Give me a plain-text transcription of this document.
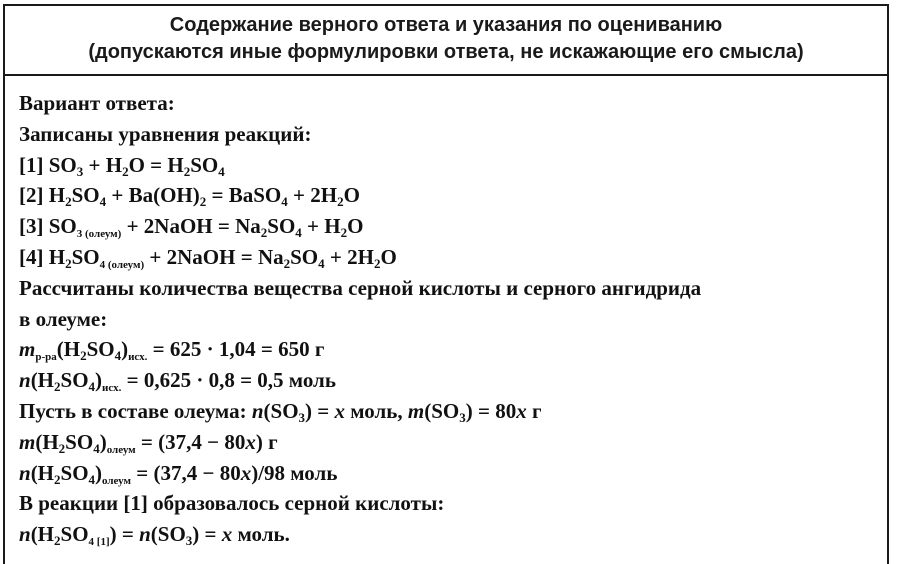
Содержание верного ответа и указания по оцениванию
(допускаются иные формулировки ответа, не искажающие его смысла)
Вариант ответа:
Записаны уравнения реакций:
[1] $SO_3 + H_2O = H_2SO_4$
[2] $H_2SO_4 + Ba(OH)_2$ = BaSO$_4$ + $2H_2O$
[3] $SO_{3 (олеум)}$ + 2NaOH = $Na_2SO_4 + H_2O$
[4] $H_2SO_{4 (олеум)}$ + 2NaOH = $Na_2SO_4 + 2H_2O$
Рассчитаны количества вещества серной кислоты и серного ангидрида
в олеуме:
$m_{р-ра}(H_2SO_4)_{исх.} = 625 \cdot 1,04 = 650$ г
$n(H_2SO_4)_{исх.} = 0,625 \cdot 0,8 = 0,5$ моль
Пусть в составе олеума: $n(SO_3) = x$ моль, $m(SO_3) = 80x$ г
$m(H_2SO_4)_{олеум} = (37,4 - 80x)$ г
$n(H_2SO_4)_{олеум} = (37,4 - 80x)/98$ моль
В реакции [1] образовалось серной кислоты:
$n(H_2SO_{4 [1]}) = n(SO_3) = x$ моль.
